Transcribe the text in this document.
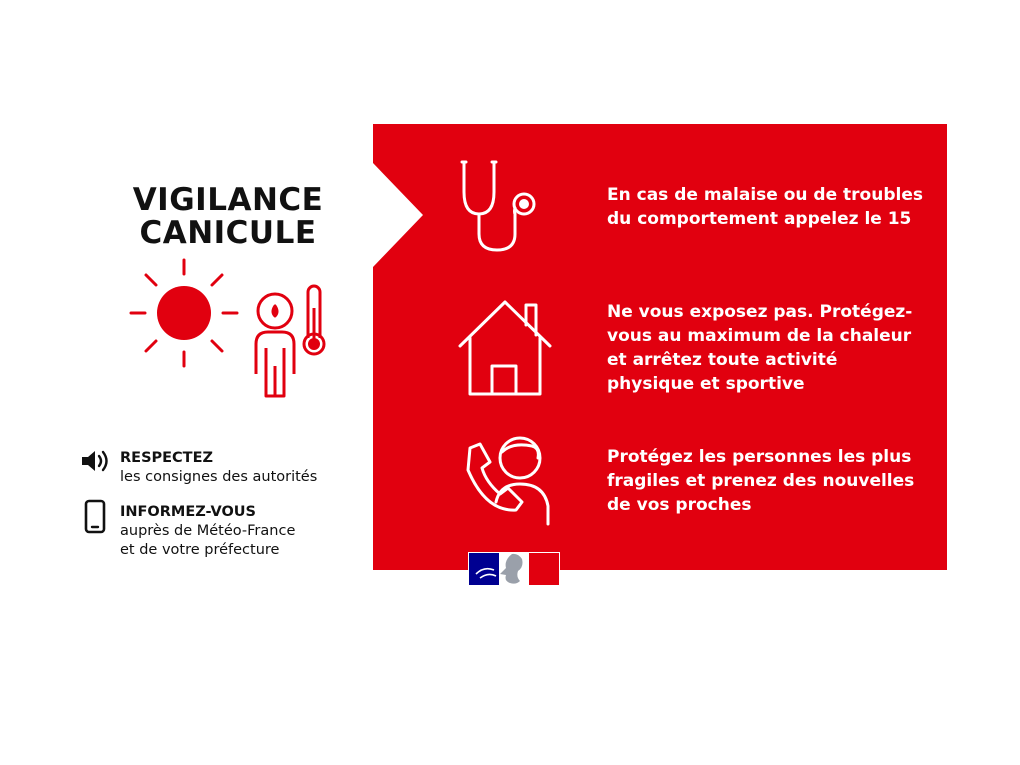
VIGILANCE
CANICULE
RESPECTEZ
les consignes des autorités
INFORMEZ-VOUS
auprès de Météo-France
et de votre préfecture
En cas de malaise ou de troubles
du comportement appelez le 15
Ne vous exposez pas. Protégez-
vous au maximum de la chaleur
et arrêtez toute activité
physique et sportive
Protégez les personnes les plus
fragiles et prenez des nouvelles
de vos proches
